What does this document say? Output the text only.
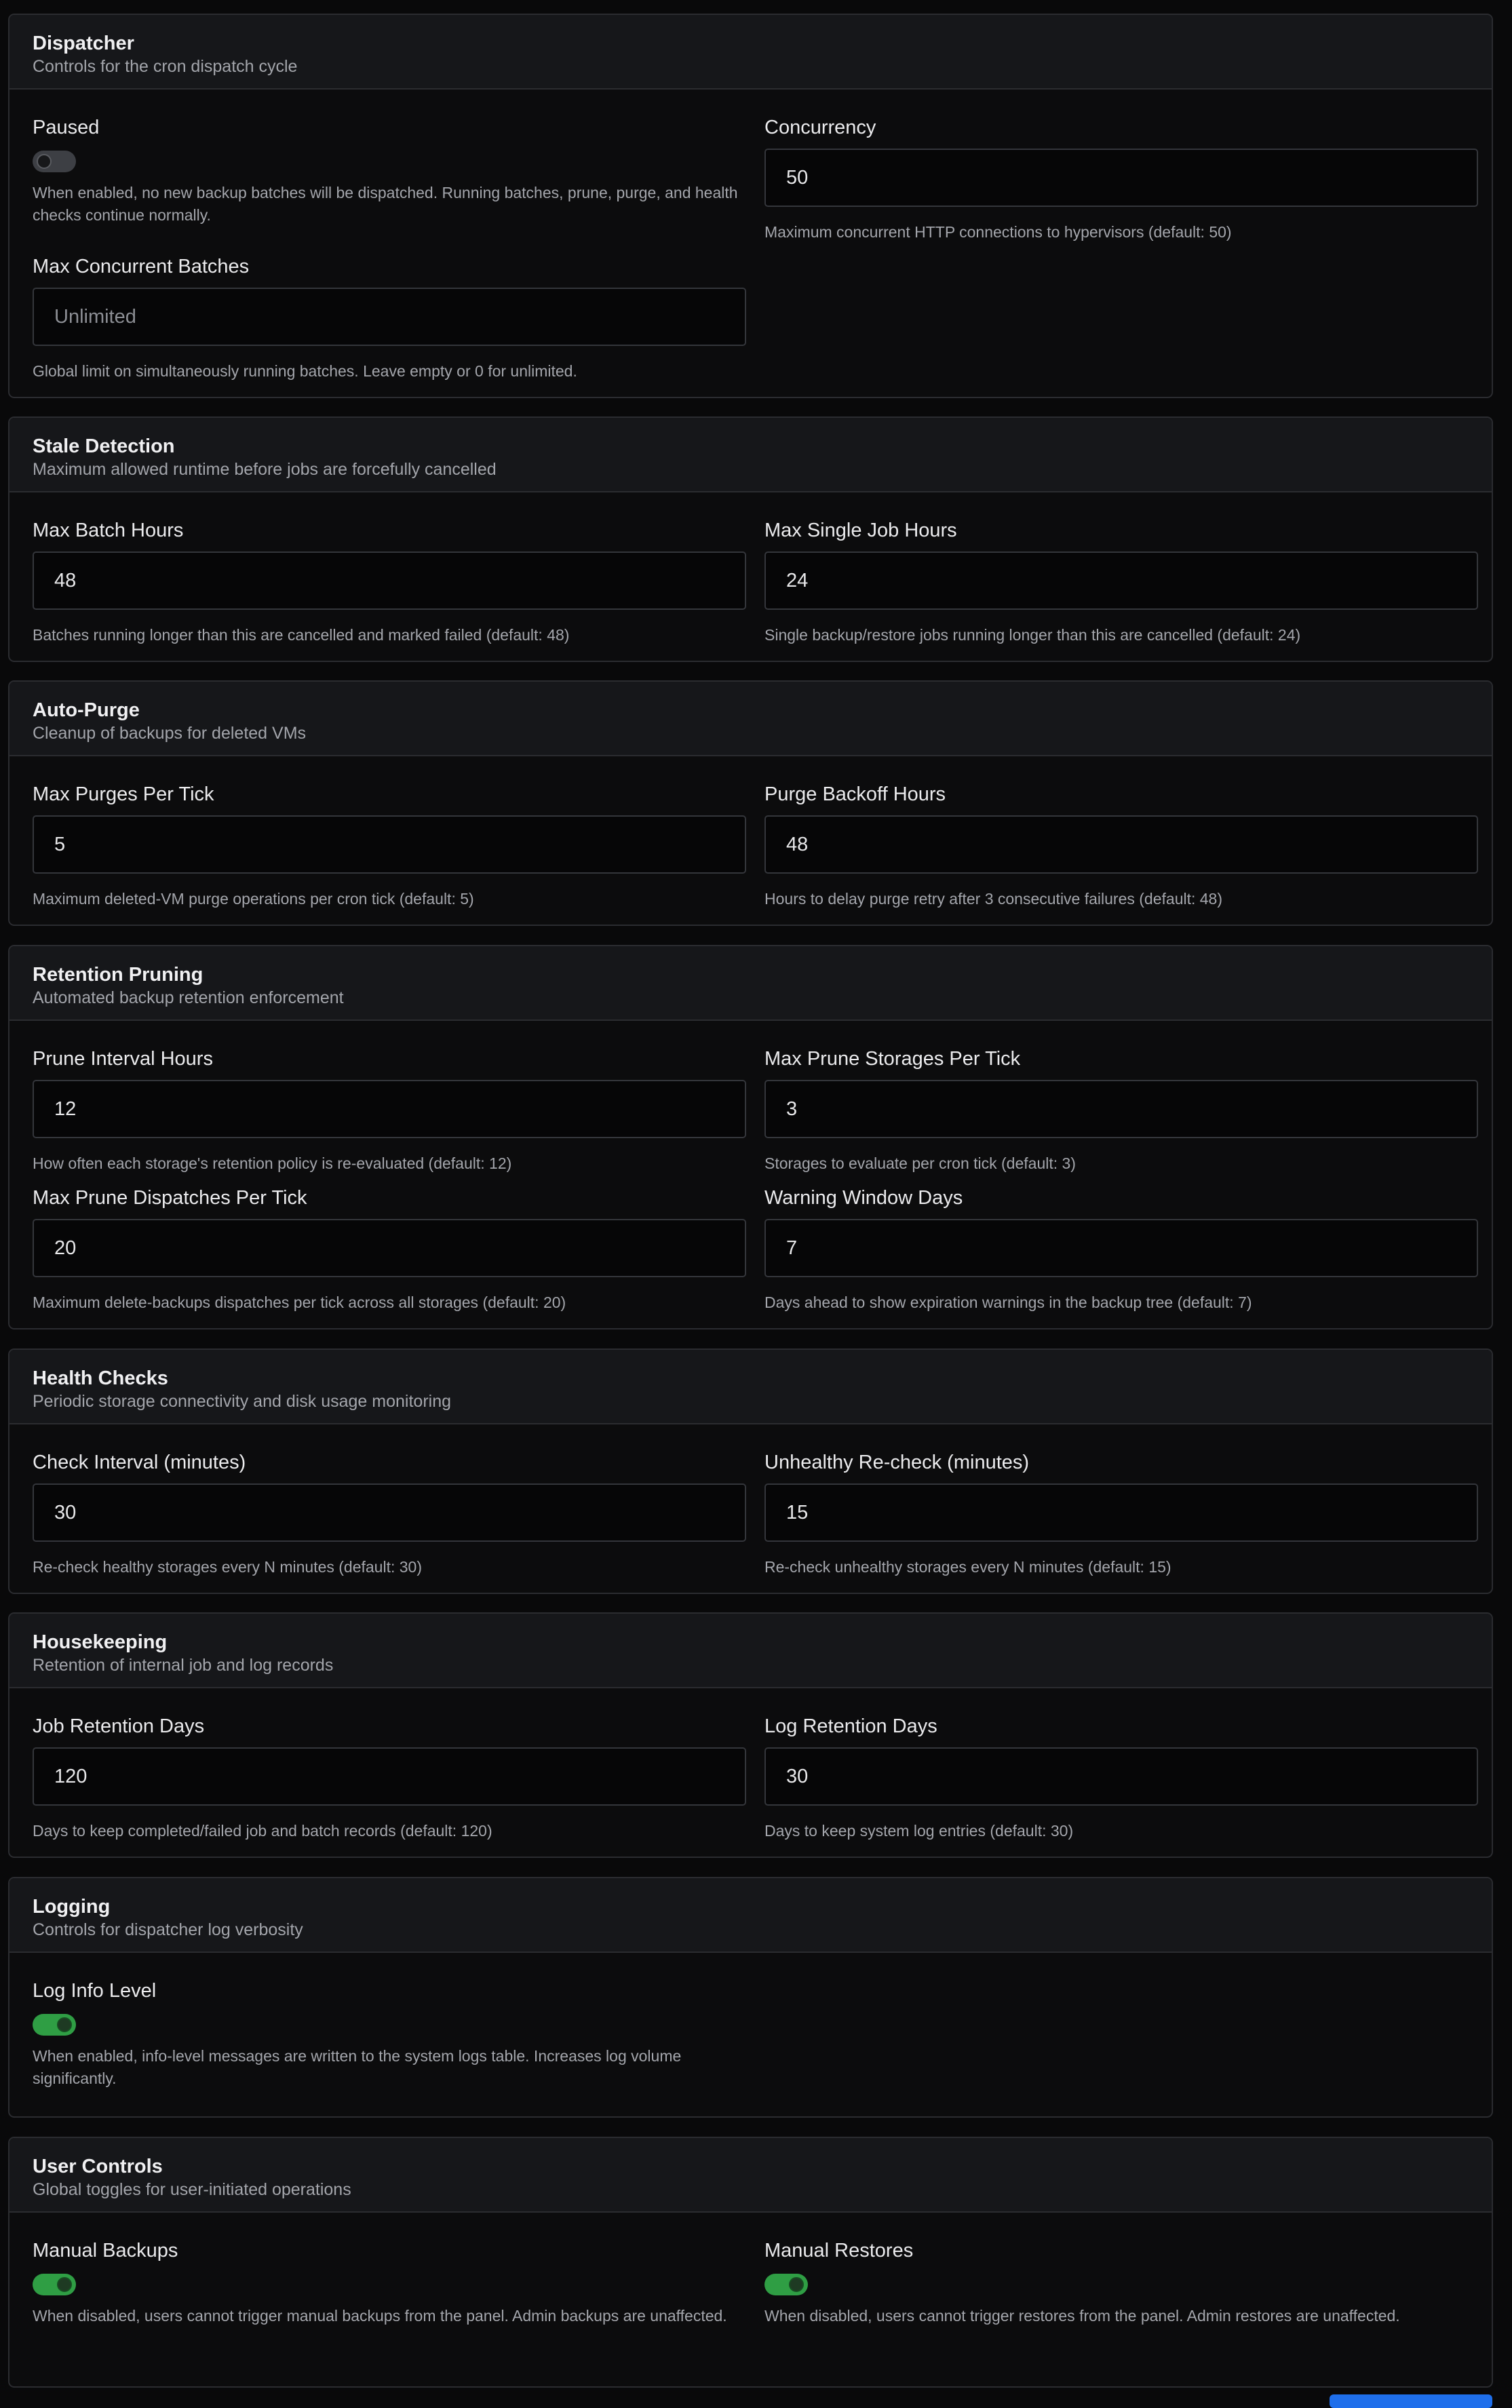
Dispatcher
Controls for the cron dispatch cycle
Paused
When enabled, no new backup batches will be dispatched. Running batches, prune, purge, and health checks continue normally.
Concurrency
50
Maximum concurrent HTTP connections to hypervisors (default: 50)
Max Concurrent Batches
Unlimited
Global limit on simultaneously running batches. Leave empty or 0 for unlimited.
Stale Detection
Maximum allowed runtime before jobs are forcefully cancelled
Max Batch Hours
48
Batches running longer than this are cancelled and marked failed (default: 48)
Max Single Job Hours
24
Single backup/restore jobs running longer than this are cancelled (default: 24)
Auto-Purge
Cleanup of backups for deleted VMs
Max Purges Per Tick
5
Maximum deleted-VM purge operations per cron tick (default: 5)
Purge Backoff Hours
48
Hours to delay purge retry after 3 consecutive failures (default: 48)
Retention Pruning
Automated backup retention enforcement
Prune Interval Hours
12
How often each storage's retention policy is re-evaluated (default: 12)
Max Prune Storages Per Tick
3
Storages to evaluate per cron tick (default: 3)
Max Prune Dispatches Per Tick
20
Maximum delete-backups dispatches per tick across all storages (default: 20)
Warning Window Days
7
Days ahead to show expiration warnings in the backup tree (default: 7)
Health Checks
Periodic storage connectivity and disk usage monitoring
Check Interval (minutes)
30
Re-check healthy storages every N minutes (default: 30)
Unhealthy Re-check (minutes)
15
Re-check unhealthy storages every N minutes (default: 15)
Housekeeping
Retention of internal job and log records
Job Retention Days
120
Days to keep completed/failed job and batch records (default: 120)
Log Retention Days
30
Days to keep system log entries (default: 30)
Logging
Controls for dispatcher log verbosity
Log Info Level
When enabled, info-level messages are written to the system logs table. Increases log volume significantly.
User Controls
Global toggles for user-initiated operations
Manual Backups
When disabled, users cannot trigger manual backups from the panel. Admin backups are unaffected.
Manual Restores
When disabled, users cannot trigger restores from the panel. Admin restores are unaffected.
